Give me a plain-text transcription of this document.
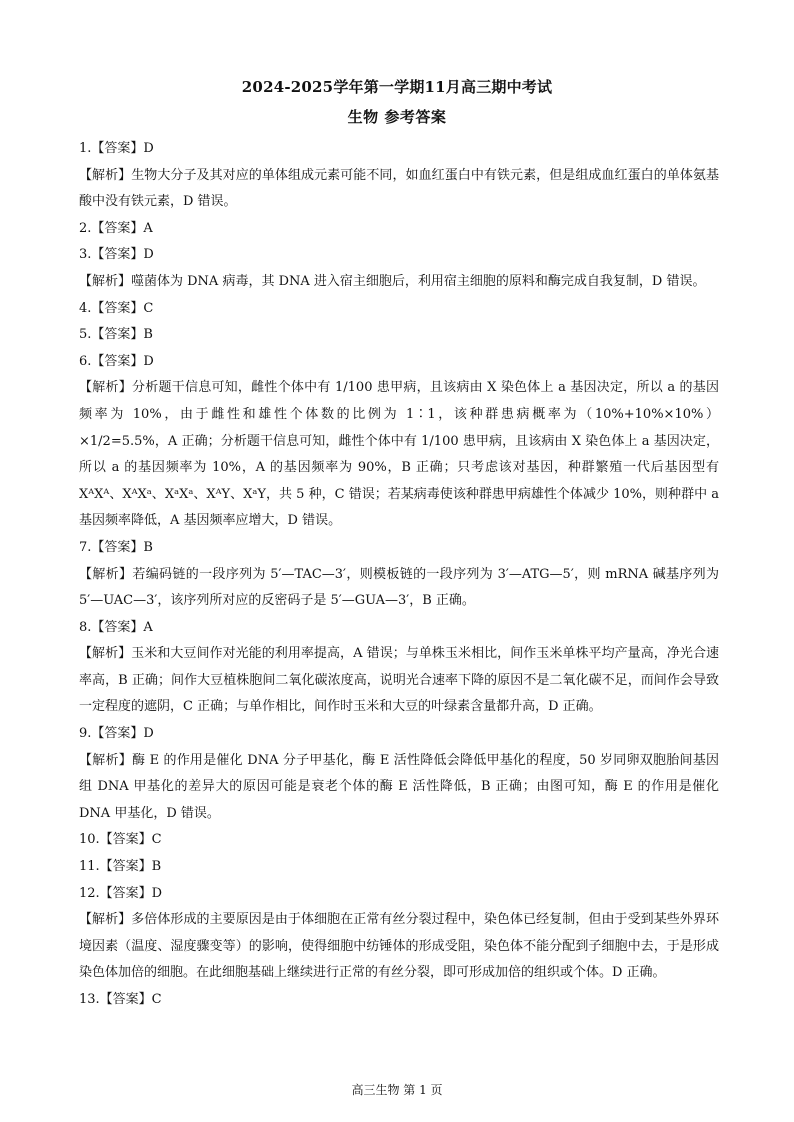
2024-2025学年第一学期11月高三期中考试
生物 参考答案
1.【答案】D
【解析】生物大分子及其对应的单体组成元素可能不同，如血红蛋白中有铁元素，但是组成血红蛋白的单体氨基酸中没有铁元素，D 错误。
2.【答案】A
3.【答案】D
【解析】噬菌体为 DNA 病毒，其 DNA 进入宿主细胞后，利用宿主细胞的原料和酶完成自我复制，D 错误。
4.【答案】C
5.【答案】B
6.【答案】D
【解析】分析题干信息可知，雌性个体中有 1/100 患甲病，且该病由 X 染色体上 a 基因决定，所以 a 的基因频率为 10%，由于雌性和雄性个体数的比例为 1∶1，该种群患病概率为（10%+10%×10%）×1/2=5.5%，A 正确；分析题干信息可知，雌性个体中有 1/100 患甲病，且该病由 X 染色体上 a 基因决定，所以 a 的基因频率为 10%，A 的基因频率为 90%，B 正确；只考虑该对基因，种群繁殖一代后基因型有 XᴬXᴬ、XᴬXᵃ、XᵃXᵃ、XᴬY、XᵃY，共 5 种，C 错误；若某病毒使该种群患甲病雄性个体减少 10%，则种群中 a 基因频率降低，A 基因频率应增大，D 错误。
7.【答案】B
【解析】若编码链的一段序列为 5′—TAC—3′，则模板链的一段序列为 3′—ATG—5′，则 mRNA 碱基序列为 5′—UAC—3′，该序列所对应的反密码子是 5′—GUA—3′，B 正确。
8.【答案】A
【解析】玉米和大豆间作对光能的利用率提高，A 错误；与单株玉米相比，间作玉米单株平均产量高，净光合速率高，B 正确；间作大豆植株胞间二氧化碳浓度高，说明光合速率下降的原因不是二氧化碳不足，而间作会导致一定程度的遮阴，C 正确；与单作相比，间作时玉米和大豆的叶绿素含量都升高，D 正确。
9.【答案】D
【解析】酶 E 的作用是催化 DNA 分子甲基化，酶 E 活性降低会降低甲基化的程度，50 岁同卵双胞胎间基因组 DNA 甲基化的差异大的原因可能是衰老个体的酶 E 活性降低，B 正确；由图可知，酶 E 的作用是催化 DNA 甲基化，D 错误。
10.【答案】C
11.【答案】B
12.【答案】D
【解析】多倍体形成的主要原因是由于体细胞在正常有丝分裂过程中，染色体已经复制，但由于受到某些外界环境因素（温度、湿度骤变等）的影响，使得细胞中纺锤体的形成受阻，染色体不能分配到子细胞中去，于是形成染色体加倍的细胞。在此细胞基础上继续进行正常的有丝分裂，即可形成加倍的组织或个体。D 正确。
13.【答案】C
高三生物 第 1 页
